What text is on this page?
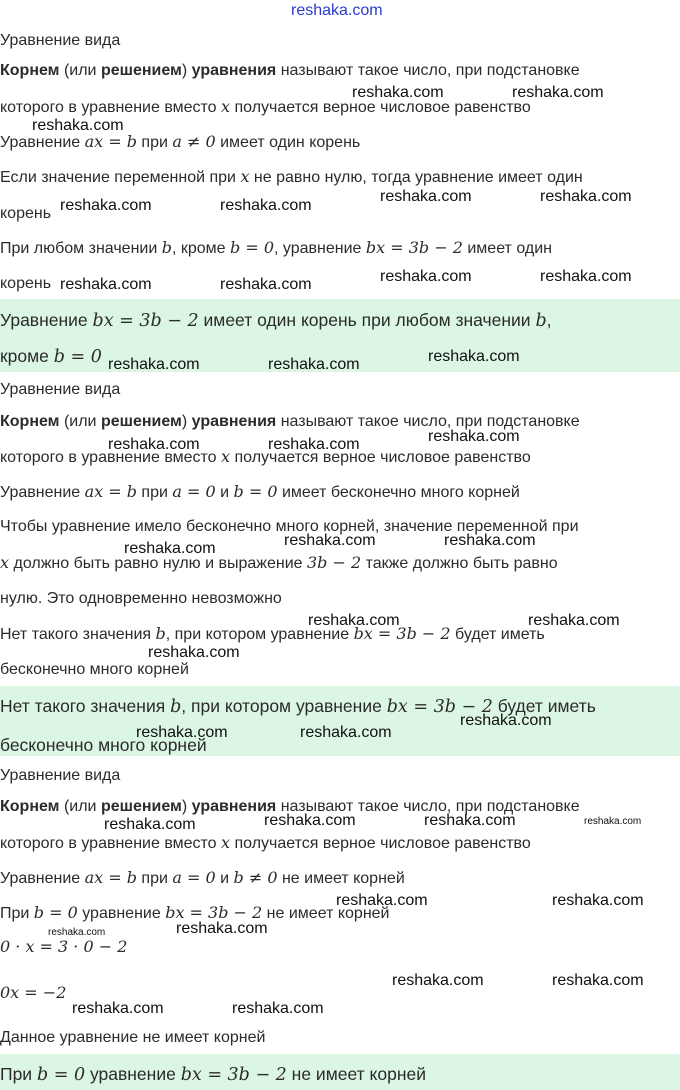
Уравнение вида
Корнем (или решением) уравнения называют такое число, при подстановке
которого в уравнение вместо x получается верное числовое равенство
Уравнение ax = b при a ≠ 0 имеет один корень
Если значение переменной при x не равно нулю, тогда уравнение имеет один
корень
При любом значении b, кроме b = 0, уравнение bx = 3b − 2 имеет один
корень
Уравнение bx = 3b − 2 имеет один корень при любом значении b,
кроме b = 0
Уравнение вида
Корнем (или решением) уравнения называют такое число, при подстановке
которого в уравнение вместо x получается верное числовое равенство
Уравнение ax = b при a = 0 и b = 0 имеет бесконечно много корней
Чтобы уравнение имело бесконечно много корней, значение переменной при
x должно быть равно нулю и выражение 3b − 2 также должно быть равно
нулю. Это одновременно невозможно
Нет такого значения b, при котором уравнение bx = 3b − 2 будет иметь
бесконечно много корней
Нет такого значения b, при котором уравнение bx = 3b − 2 будет иметь
бесконечно много корней
Уравнение вида
Корнем (или решением) уравнения называют такое число, при подстановке
которого в уравнение вместо x получается верное числовое равенство
Уравнение ax = b при a = 0 и b ≠ 0 не имеет корней
При b = 0 уравнение bx = 3b − 2 не имеет корней
0 · x = 3 · 0 − 2
0x = −2
Данное уравнение не имеет корней
При b = 0 уравнение bx = 3b − 2 не имеет корней
reshaka.com
reshaka.com	reshaka.com
reshaka.com
reshaka.com	reshaka.com
reshaka.com	reshaka.com
reshaka.com	reshaka.com
reshaka.com	reshaka.com
reshaka.com
reshaka.com	reshaka.com
reshaka.com
reshaka.com	reshaka.com
reshaka.com	reshaka.com
reshaka.com
reshaka.com	reshaka.com
reshaka.com
reshaka.com
reshaka.com	reshaka.com
reshaka.com	reshaka.com	reshaka.com
reshaka.com
reshaka.com	reshaka.com
reshaka.com
reshaka.com
reshaka.com	reshaka.com
reshaka.com	reshaka.com
